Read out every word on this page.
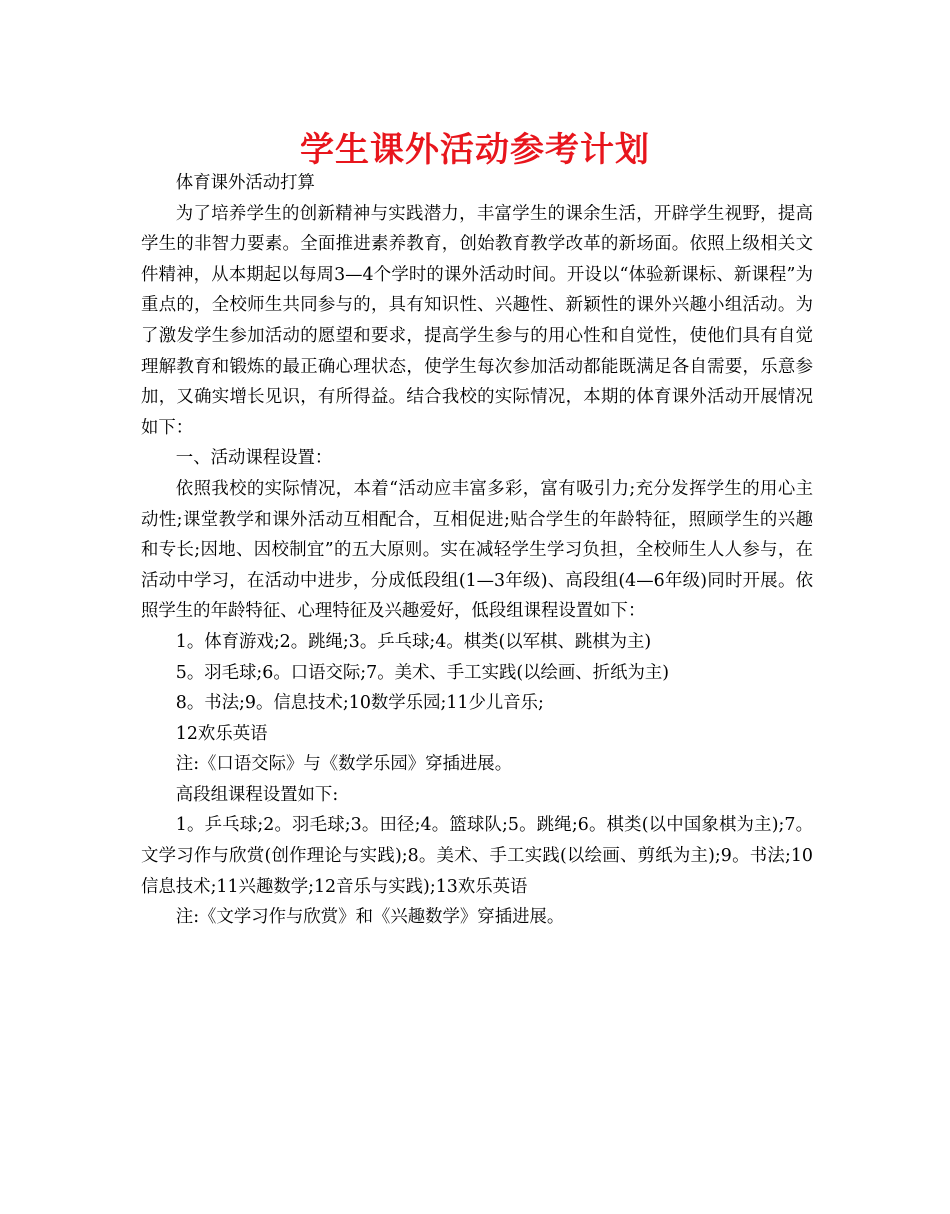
学生课外活动参考计划

体育课外活动打算

为了培养学生的创新精神与实践潜力，丰富学生的课余生活，开辟学生视野，提高学生的非智力要素。全面推进素养教育，创始教育教学改革的新场面。依照上级相关文件精神，从本期起以每周3—4个学时的课外活动时间。开设以“体验新课标、新课程”为重点的，全校师生共同参与的，具有知识性、兴趣性、新颖性的课外兴趣小组活动。为了激发学生参加活动的愿望和要求，提高学生参与的用心性和自觉性，使他们具有自觉理解教育和锻炼的最正确心理状态，使学生每次参加活动都能既满足各自需要，乐意参加，又确实增长见识，有所得益。结合我校的实际情况，本期的体育课外活动开展情况如下：

一、活动课程设置：

依照我校的实际情况，本着“活动应丰富多彩，富有吸引力;充分发挥学生的用心主动性;课堂教学和课外活动互相配合，互相促进;贴合学生的年龄特征，照顾学生的兴趣和专长;因地、因校制宜”的五大原则。实在减轻学生学习负担，全校师生人人参与，在活动中学习，在活动中进步，分成低段组(1—3年级)、高段组(4—6年级)同时开展。依照学生的年龄特征、心理特征及兴趣爱好，低段组课程设置如下：

1。体育游戏;2。跳绳;3。乒乓球;4。棋类(以军棋、跳棋为主)

5。羽毛球;6。口语交际;7。美术、手工实践(以绘画、折纸为主)

8。书法;9。信息技术;10数学乐园;11少儿音乐;

12欢乐英语

注:《口语交际》与《数学乐园》穿插进展。

高段组课程设置如下:

1。乒乓球;2。羽毛球;3。田径;4。篮球队;5。跳绳;6。棋类(以中国象棋为主);7。文学习作与欣赏(创作理论与实践);8。美术、手工实践(以绘画、剪纸为主);9。书法;10信息技术;11兴趣数学;12音乐与实践);13欢乐英语

注:《文学习作与欣赏》和《兴趣数学》穿插进展。
